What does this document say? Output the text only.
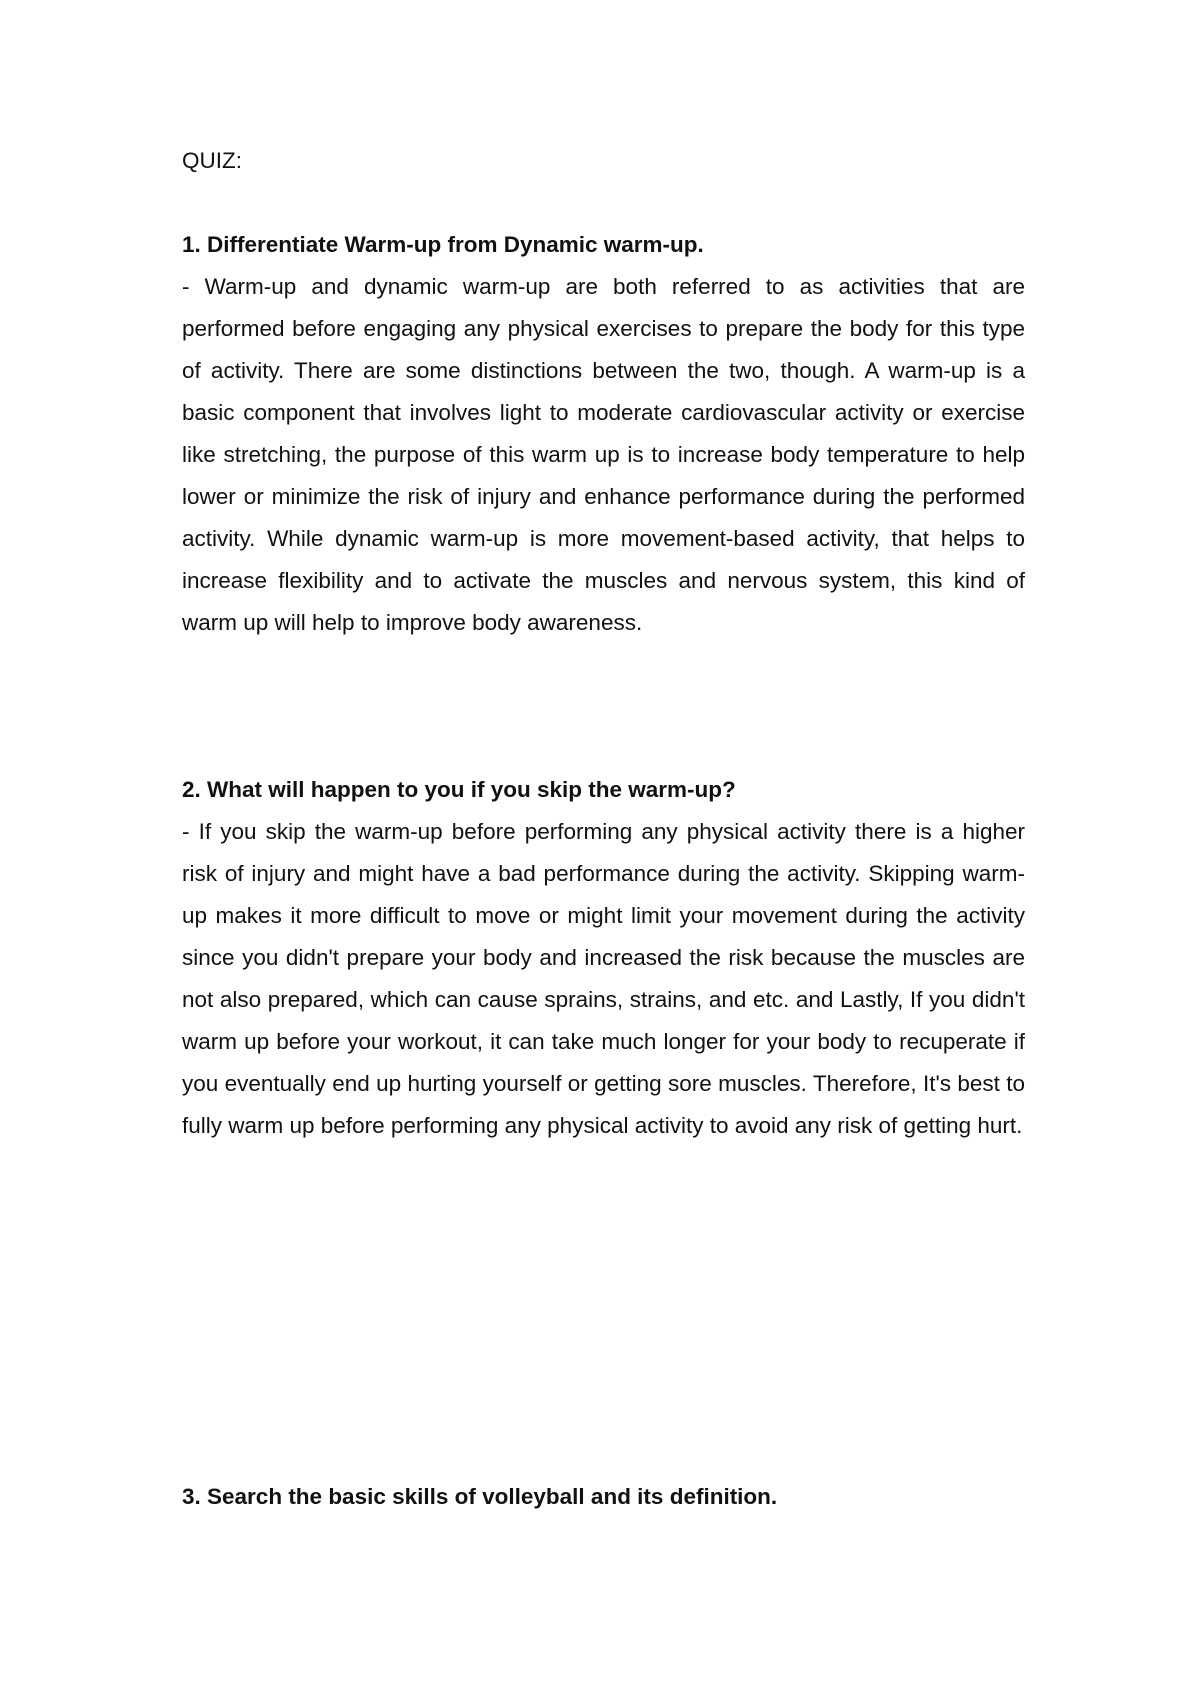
QUIZ:

1. Differentiate Warm-up from Dynamic warm-up.

- Warm-up and dynamic warm-up are both referred to as activities that are performed before engaging any physical exercises to prepare the body for this type of activity. There are some distinctions between the two, though. A warm-up is a basic component that involves light to moderate cardiovascular activity or exercise like stretching, the purpose of this warm up is to increase body temperature to help lower or minimize the risk of injury and enhance performance during the performed activity. While dynamic warm-up is more movement-based activity, that helps to increase flexibility and to activate the muscles and nervous system, this kind of warm up will help to improve body awareness.

2. What will happen to you if you skip the warm-up?

- If you skip the warm-up before performing any physical activity there is a higher risk of injury and might have a bad performance during the activity. Skipping warm-up makes it more difficult to move or might limit your movement during the activity since you didn't prepare your body and increased the risk because the muscles are not also prepared, which can cause sprains, strains, and etc. and Lastly, If you didn't warm up before your workout, it can take much longer for your body to recuperate if you eventually end up hurting yourself or getting sore muscles. Therefore, It's best to fully warm up before performing any physical activity to avoid any risk of getting hurt.

3. Search the basic skills of volleyball and its definition.
